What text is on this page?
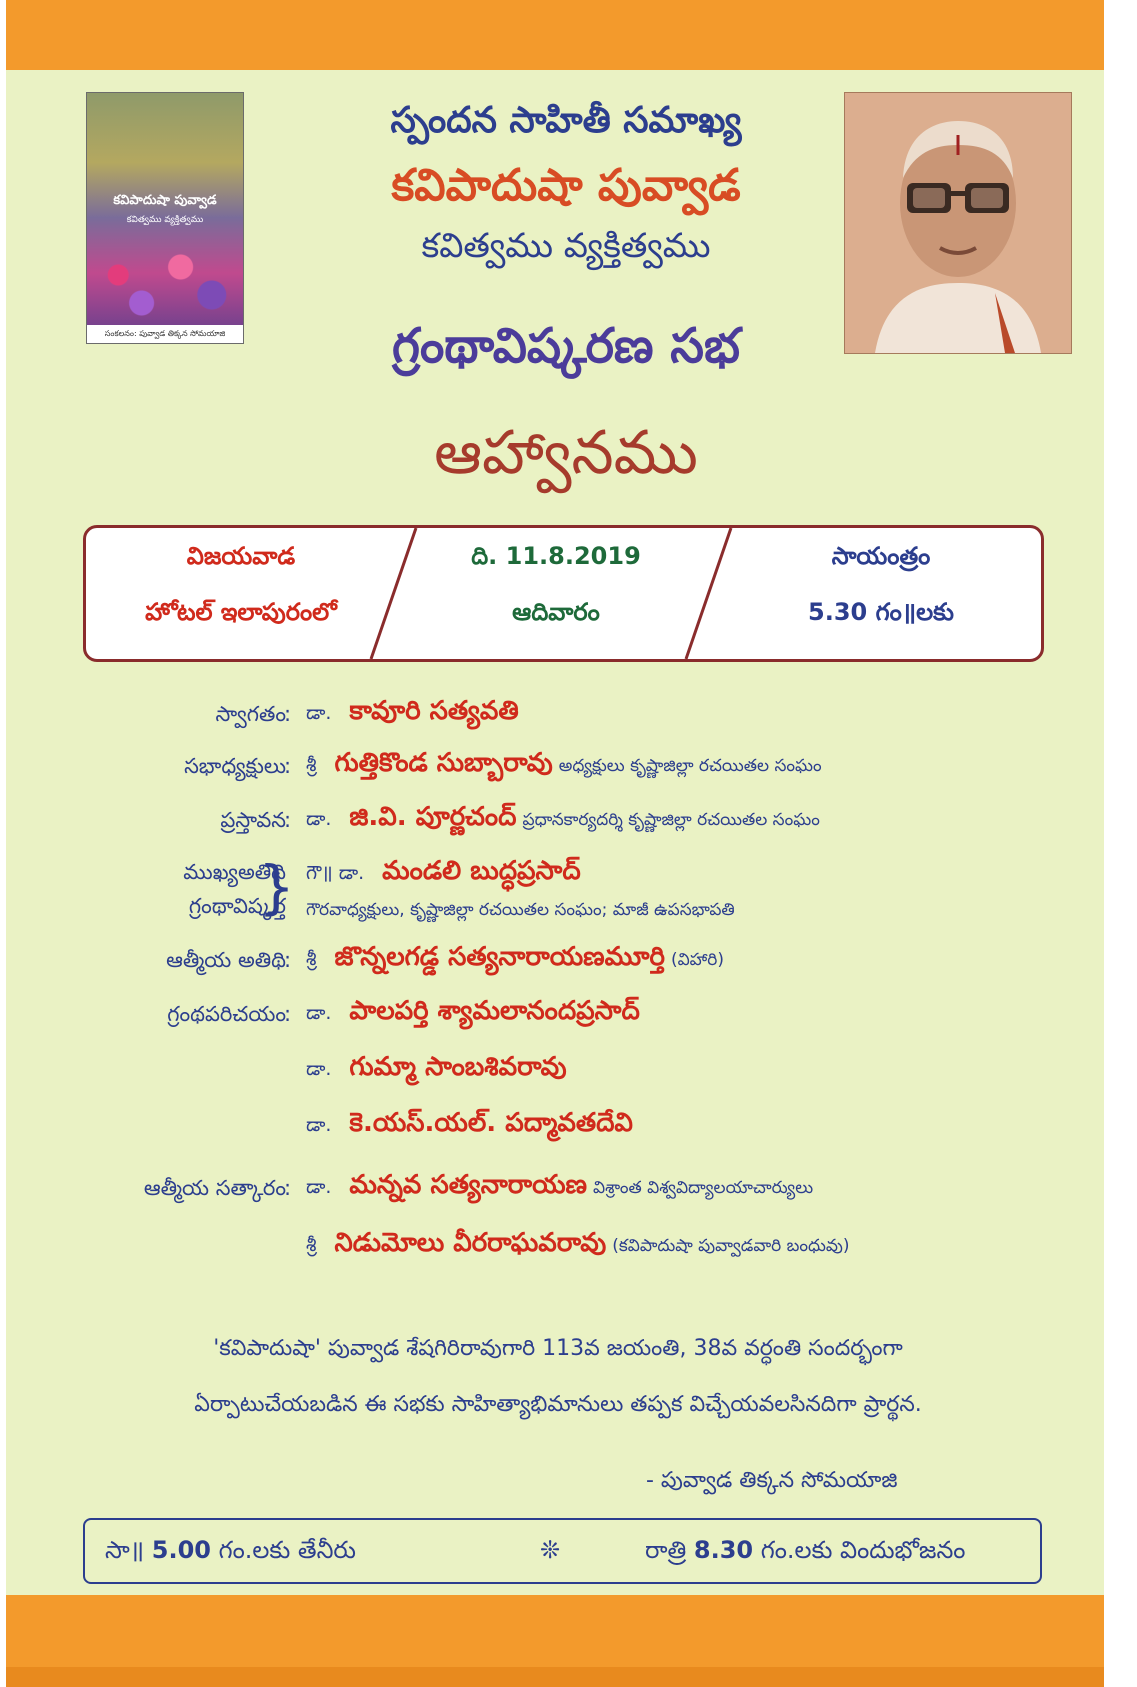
కవిపాదుషా పువ్వాడ
కవిత్వము వ్యక్తిత్వము
సంకలనం: పువ్వాడ తిక్కన సోమయాజి
స్పందన సాహితీ సమాఖ్య
కవిపాదుషా పువ్వాడ
కవిత్వము వ్యక్తిత్వము
గ్రంథావిష్కరణ సభ
ఆహ్వానము
విజయవాడ
హోటల్ ఇలాపురంలో
ది. 11.8.2019
ఆదివారం
సాయంత్రం
5.30 గం॥లకు
స్వాగతం
: డా. కావూరి సత్యవతి
సభాధ్యక్షులు
: శ్రీ గుత్తికొండ సుబ్బారావు అధ్యక్షులు కృష్ణాజిల్లా రచయితల సంఘం
ప్రస్తావన
: డా. జి.వి. పూర్ణచంద్ ప్రధానకార్యదర్శి కృష్ణాజిల్లా రచయితల సంఘం
ముఖ్యఅతిథి
గ్రంథావిష్కర్త
} గౌ॥ డా. మండలి బుద్ధప్రసాద్
గౌరవాధ్యక్షులు, కృష్ణాజిల్లా రచయితల సంఘం; మాజీ ఉపసభాపతి
ఆత్మీయ అతిథి
: శ్రీ జొన్నలగడ్డ సత్యనారాయణమూర్తి (విహారి)
గ్రంథపరిచయం
: డా. పాలపర్తి శ్యామలానందప్రసాద్
డా. గుమ్మా సాంబశివరావు
డా. కె.యస్.యల్. పద్మావతదేవి
ఆత్మీయ సత్కారం
: డా. మన్నవ సత్యనారాయణ విశ్రాంత విశ్వవిద్యాలయాచార్యులు
శ్రీ నిడుమోలు వీరరాఘవరావు (కవిపాదుషా పువ్వాడవారి బంధువు)
'కవిపాదుషా' పువ్వాడ శేషగిరిరావుగారి 113వ జయంతి, 38వ వర్ధంతి సందర్భంగా
ఏర్పాటుచేయబడిన ఈ సభకు సాహిత్యాభిమానులు తప్పక విచ్చేయవలసినదిగా ప్రార్థన.
- పువ్వాడ తిక్కన సోమయాజి
సా॥ 5.00 గం.లకు తేనీరు	❊	రాత్రి 8.30 గం.లకు విందుభోజనం
